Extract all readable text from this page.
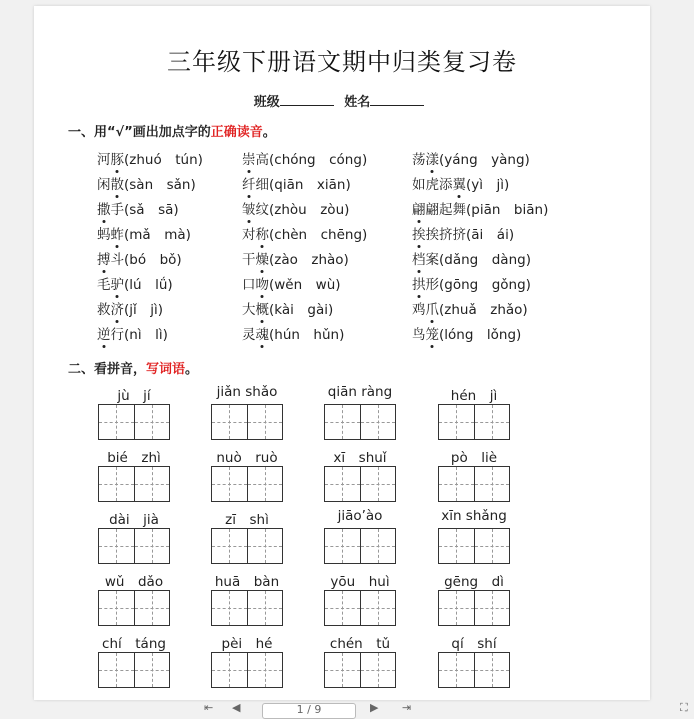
三年级下册语文期中归类复习卷
班级	姓名
一、用“√”画出加点字的正确读音。
河豚(zhuó　tún)	崇高(chóng　cóng)	荡漾(yáng　yàng)
闲散(sàn　sǎn)	纤细(qiān　xiān)	如虎添翼(yì　jì)
撒手(sǎ　sā)	皱纹(zhòu　zòu)	翩翩起舞(piān　biān)
蚂蚱(mǎ　mà)	对称(chèn　chēng)	挨挨挤挤(āi　ái)
搏斗(bó　bǒ)	干燥(zào　zhào)	档案(dǎng　dàng)
毛驴(lú　lǘ)	口吻(wěn　wù)	拱形(gōng　gǒng)
救济(jǐ　jì)	大概(kài　gài)	鸡爪(zhuǎ　zhǎo)
逆行(nì　lì)	灵魂(hún　hǔn)	鸟笼(lóng　lǒng)
二、看拼音，写词语。
jù　jí	jiǎn shǎo	qiān ràng	hén　jì
bié　zhì	nuò　ruò	xī　shuǐ	pò　liè
dài　jià	zī　shì	jiāo’ào	xīn shǎng
wǔ　dǎo	huā　bàn	yōu　huì	gēng　dì
chí　táng	pèi　hé	chén　tǔ	qí　shí
⇤ ◀	1 / 9	▶ ⇥	⛶
